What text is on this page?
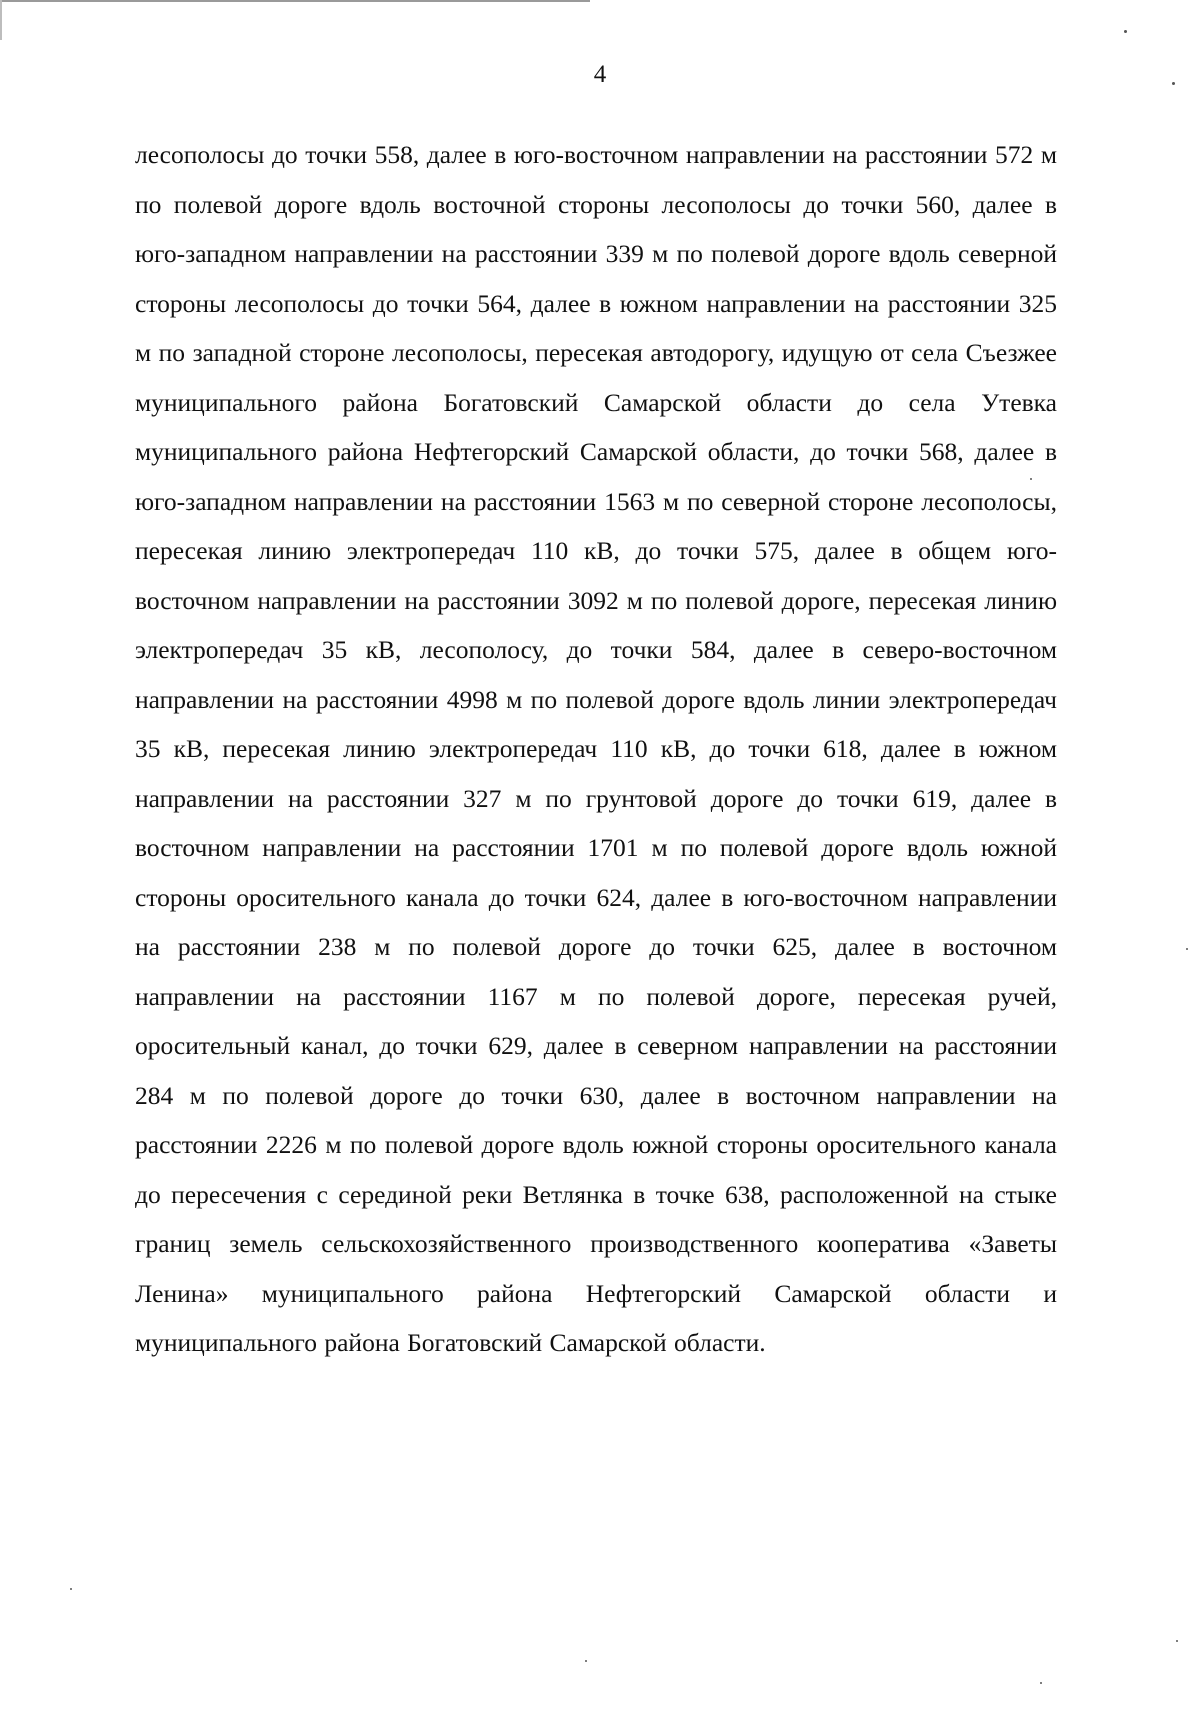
4

лесополосы до точки 558, далее в юго-восточном направлении на расстоянии 572 м по полевой дороге вдоль восточной стороны лесополосы до точки 560, далее в юго-западном направлении на расстоянии 339 м по полевой дороге вдоль северной стороны лесополосы до точки 564, далее в южном направлении на расстоянии 325 м по западной стороне лесополосы, пересекая автодорогу, идущую от села Съезжее муниципального района Богатовский Самарской области до села Утевка муниципального района Нефтегорский Самарской области, до точки 568, далее в юго-западном направлении на расстоянии 1563 м по северной стороне лесополосы, пересекая линию электропередач 110 кВ, до точки 575, далее в общем юго-восточном направлении на расстоянии 3092 м по полевой дороге, пересекая линию электропередач 35 кВ, лесополосу, до точки 584, далее в северо-восточном направлении на расстоянии 4998 м по полевой дороге вдоль линии электропередач 35 кВ, пересекая линию электропередач 110 кВ, до точки 618, далее в южном направлении на расстоянии 327 м по грунтовой дороге до точки 619, далее в восточном направлении на расстоянии 1701 м по полевой дороге вдоль южной стороны оросительного канала до точки 624, далее в юго-восточном направлении на расстоянии 238 м по полевой дороге до точки 625, далее в восточном направлении на расстоянии 1167 м по полевой дороге, пересекая ручей, оросительный канал, до точки 629, далее в северном направлении на расстоянии 284 м по полевой дороге до точки 630, далее в восточном направлении на расстоянии 2226 м по полевой дороге вдоль южной стороны оросительного канала до пересечения с серединой реки Ветлянка в точке 638, расположенной на стыке границ земель сельскохозяйственного производственного кооператива «Заветы Ленина» муниципального района Нефтегорский Самарской области и муниципального района Богатовский Самарской области.
